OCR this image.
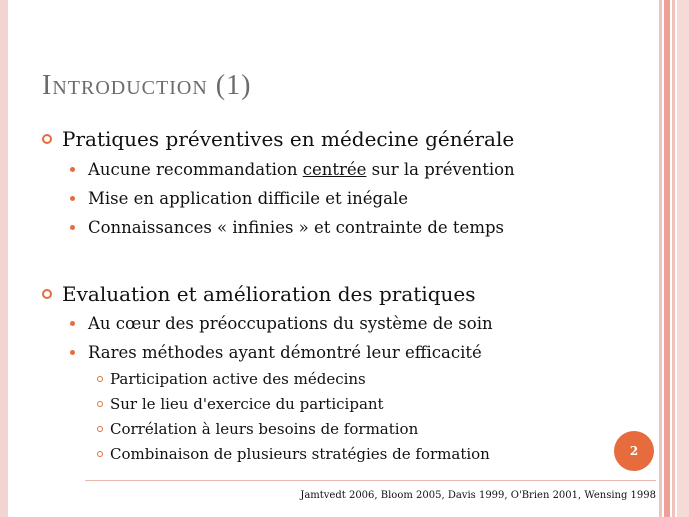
Introduction (1)
Pratiques préventives en médecine générale
Aucune recommandation centrée sur la prévention
Mise en application difficile et inégale
Connaissances « infinies » et contrainte de temps
Evaluation et amélioration des pratiques
Au cœur des préoccupations du système de soin
Rares méthodes ayant démontré leur efficacité
Participation active des médecins
Sur le lieu d'exercice du participant
Corrélation à leurs besoins de formation
Combinaison de plusieurs stratégies de formation	2
Jamtvedt 2006, Bloom 2005, Davis 1999, O'Brien 2001, Wensing 1998
